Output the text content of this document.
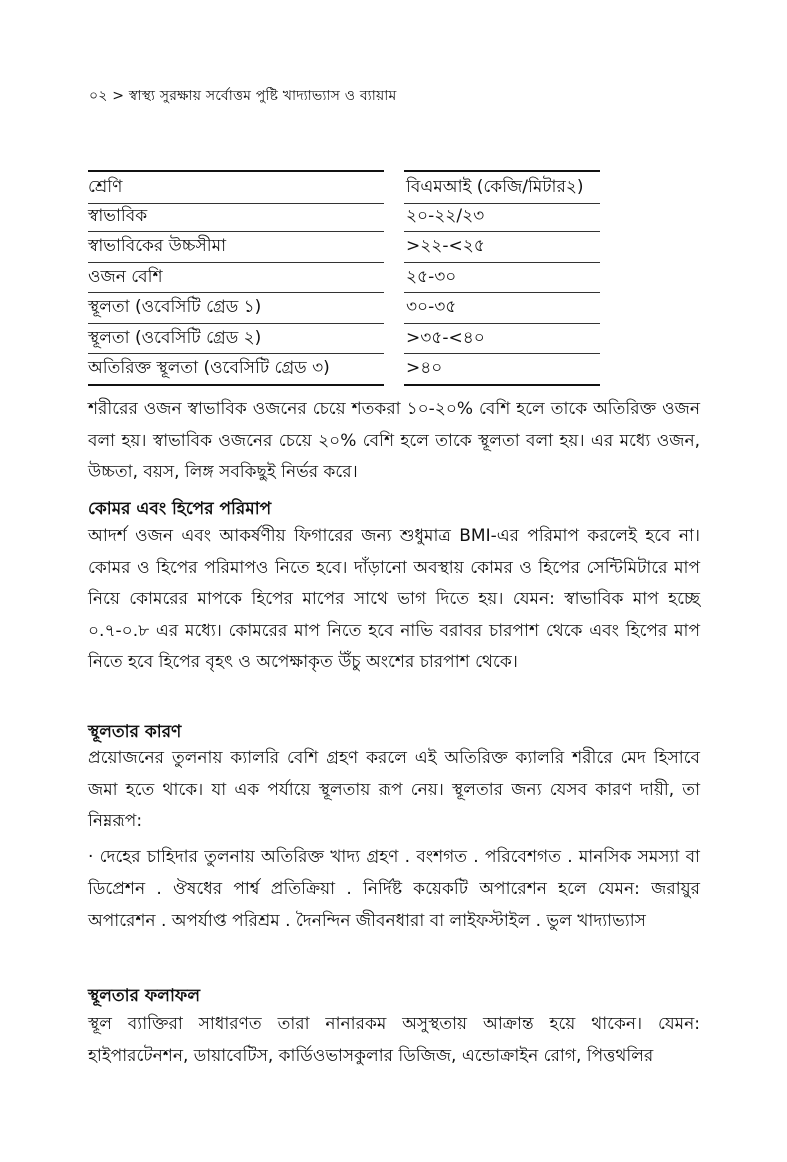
০২ > স্বাস্থ্য সুরক্ষায় সর্বোত্তম পুষ্টি খাদ্যাভ্যাস ও ব্যায়াম
শ্রেণি	বিএমআই (কেজি/মিটার২)
স্বাভাবিক	২০-২২/২৩
স্বাভাবিকের উচ্চসীমা	>২২-<২৫
ওজন বেশি	২৫-৩০
স্থূলতা (ওবেসিটি গ্রেড ১)	৩০-৩৫
স্থূলতা (ওবেসিটি গ্রেড ২)	>৩৫-<৪০
অতিরিক্ত স্থূলতা (ওবেসিটি গ্রেড ৩)	>৪০

শরীরের ওজন স্বাভাবিক ওজনের চেয়ে শতকরা ১০-২০% বেশি হলে তাকে অতিরিক্ত ওজন বলা হয়। স্বাভাবিক ওজনের চেয়ে ২০% বেশি হলে তাকে স্থূলতা বলা হয়। এর মধ্যে ওজন, উচ্চতা, বয়স, লিঙ্গ সবকিছুই নির্ভর করে।

কোমর এবং হিপের পরিমাপ

আদর্শ ওজন এবং আকর্ষণীয় ফিগারের জন্য শুধুমাত্র BMI-এর পরিমাপ করলেই হবে না। কোমর ও হিপের পরিমাপও নিতে হবে। দাঁড়ানো অবস্থায় কোমর ও হিপের সেন্টিমিটারে মাপ নিয়ে কোমরের মাপকে হিপের মাপের সাথে ভাগ দিতে হয়। যেমন: স্বাভাবিক মাপ হচ্ছে ০.৭-০.৮ এর মধ্যে। কোমরের মাপ নিতে হবে নাভি বরাবর চারপাশ থেকে এবং হিপের মাপ নিতে হবে হিপের বৃহৎ ও অপেক্ষাকৃত উঁচু অংশের চারপাশ থেকে।

স্থূলতার কারণ

প্রয়োজনের তুলনায় ক্যালরি বেশি গ্রহণ করলে এই অতিরিক্ত ক্যালরি শরীরে মেদ হিসাবে জমা হতে থাকে। যা এক পর্যায়ে স্থূলতায় রূপ নেয়। স্থূলতার জন্য যেসব কারণ দায়ী, তা নিম্নরূপ:

· দেহের চাহিদার তুলনায় অতিরিক্ত খাদ্য গ্রহণ . বংশগত . পরিবেশগত . মানসিক সমস্যা বা ডিপ্রেশন . ঔষধের পার্শ্ব প্রতিক্রিয়া . নির্দিষ্ট কয়েকটি অপারেশন হলে যেমন: জরায়ুর অপারেশন . অপর্যাপ্ত পরিশ্রম . দৈনন্দিন জীবনধারা বা লাইফস্টাইল . ভুল খাদ্যাভ্যাস

স্থূলতার ফলাফল

স্থূল ব্যাক্তিরা সাধারণত তারা নানারকম অসুস্থতায় আক্রান্ত হয়ে থাকেন। যেমন: হাইপারটেনশন, ডায়াবেটিস, কার্ডিওভাসকুলার ডিজিজ, এন্ডোক্রাইন রোগ, পিত্তথলির
